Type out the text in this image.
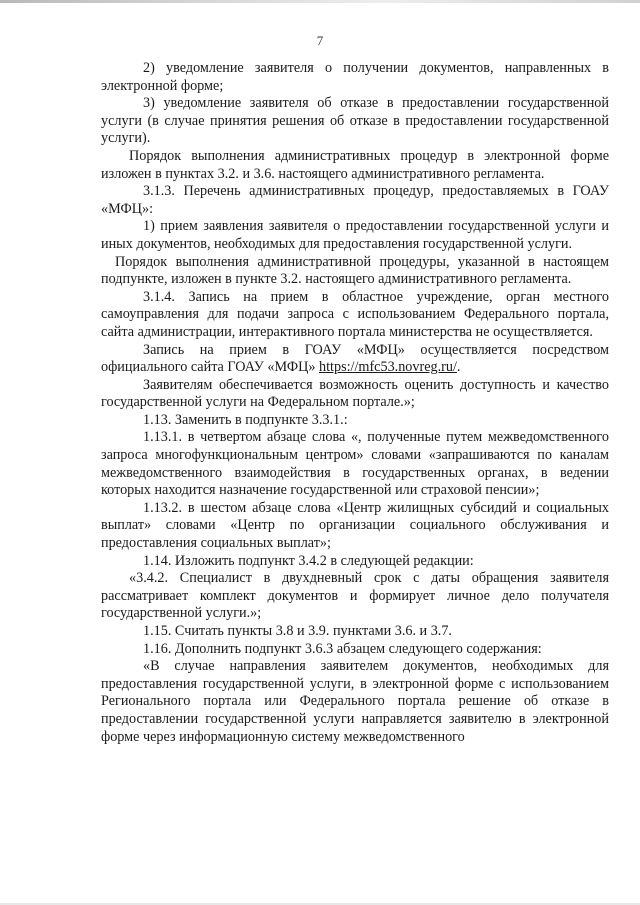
7

2) уведомление заявителя о получении документов, направленных в электронной форме;

3) уведомление заявителя об отказе в предоставлении государственной услуги (в случае принятия решения об отказе в предоставлении государственной услуги).

Порядок выполнения административных процедур в электронной форме изложен в пунктах 3.2. и 3.6. настоящего административного регламента.

3.1.3. Перечень административных процедур, предоставляемых в ГОАУ «МФЦ»:

1) прием заявления заявителя о предоставлении государственной услуги и иных документов, необходимых для предоставления государственной услуги.

Порядок выполнения административной процедуры, указанной в настоящем подпункте, изложен в пункте 3.2. настоящего административного регламента.

3.1.4. Запись на прием в областное учреждение, орган местного самоуправления для подачи запроса с использованием Федерального портала, сайта администрации, интерактивного портала министерства не осуществляется.

Запись на прием в ГОАУ «МФЦ» осуществляется посредством официального сайта ГОАУ «МФЦ» https://mfc53.novreg.ru/.

Заявителям обеспечивается возможность оценить доступность и качество государственной услуги на Федеральном портале.»;

1.13. Заменить в подпункте 3.3.1.:

1.13.1. в четвертом абзаце слова «, полученные путем межведомственного запроса многофункциональным центром» словами «запрашиваются по каналам межведомственного взаимодействия в государственных органах, в ведении которых находится назначение государственной или страховой пенсии»;

1.13.2. в шестом абзаце слова «Центр жилищных субсидий и социальных выплат» словами «Центр по организации социального обслуживания и предоставления социальных выплат»;

1.14. Изложить подпункт 3.4.2 в следующей редакции:

«3.4.2. Специалист в двухдневный срок с даты обращения заявителя рассматривает комплект документов и формирует личное дело получателя государственной услуги.»;

1.15. Считать пункты 3.8 и 3.9. пунктами 3.6. и 3.7.

1.16. Дополнить подпункт 3.6.3 абзацем следующего содержания:

«В случае направления заявителем документов, необходимых для предоставления государственной услуги, в электронной форме с использованием Регионального портала или Федерального портала решение об отказе в предоставлении государственной услуги направляется заявителю в электронной форме через информационную систему межведомственного
